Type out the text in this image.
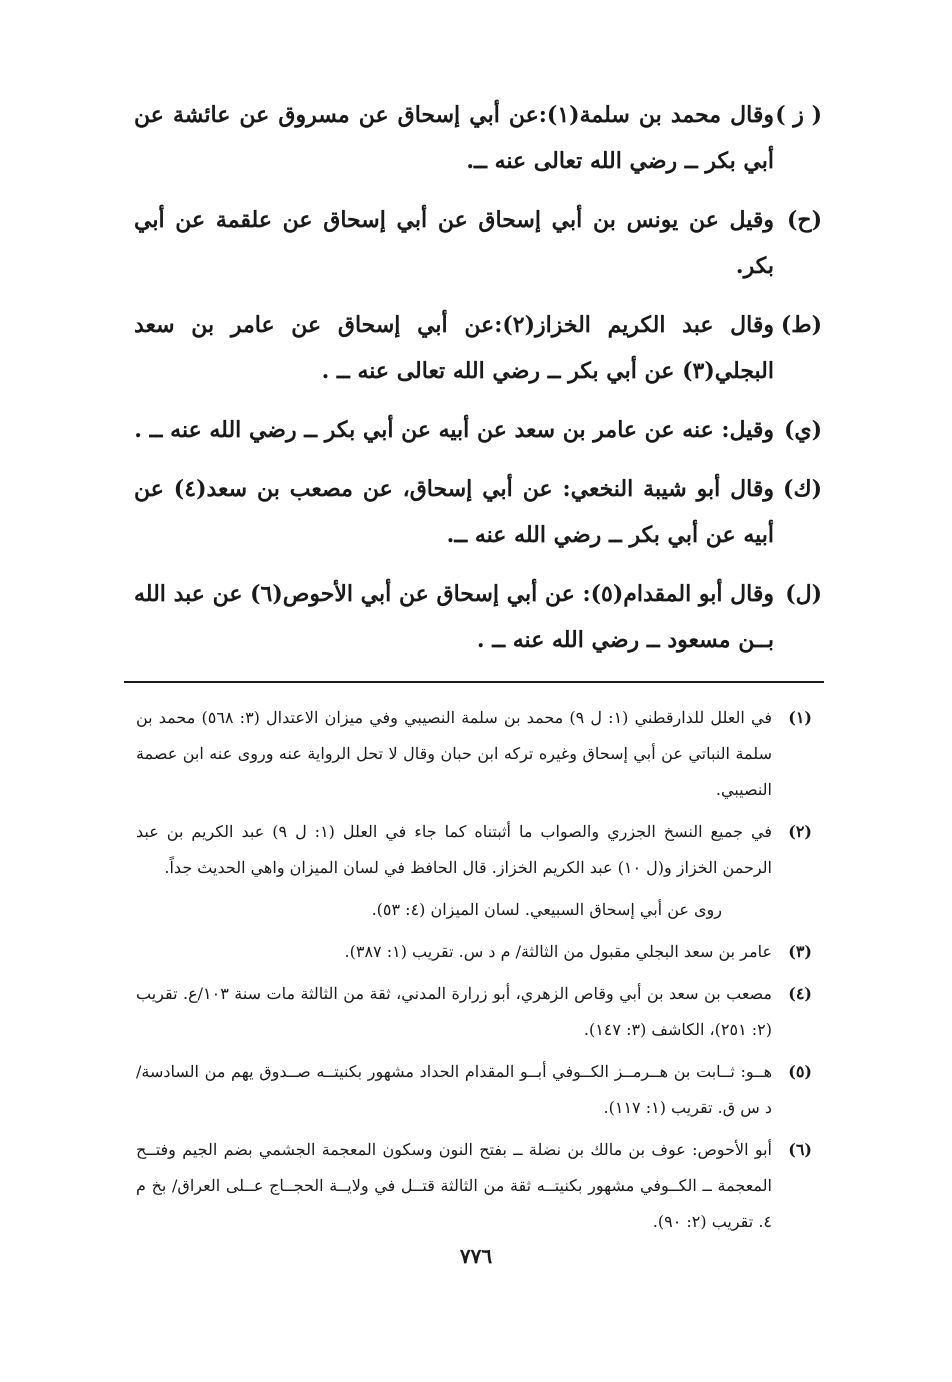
( ز )
وقال محمد بن سلمة(١):عن أبي إسحاق عن مسروق عن عائشة عن أبي بكر ــ رضي الله تعالى عنه ــ.
(ح)
وقيل عن يونس بن أبي إسحاق عن أبي إسحاق عن علقمة عن أبي بكر.
(ط)
وقال عبد الكريم الخزاز(٢):عن أبي إسحاق عن عامر بن سعد البجلي(٣) عن أبي بكر ــ رضي الله تعالى عنه ــ .
(ي)
وقيل: عنه عن عامر بن سعد عن أبيه عن أبي بكر ــ رضي الله عنه ــ .
(ك)
وقال أبو شيبة النخعي: عن أبي إسحاق، عن مصعب بن سعد(٤) عن أبيه عن أبي بكر ــ رضي الله عنه ــ.
(ل)
وقال أبو المقدام(٥): عن أبي إسحاق عن أبي الأحوص(٦) عن عبد الله بــن مسعود ــ رضي الله عنه ــ .
(١)
في العلل للدارقطني (١: ل ٩) محمد بن سلمة النصيبي وفي ميزان الاعتدال (٣: ٥٦٨) محمد بن سلمة النباتي عن أبي إسحاق وغيره تركه ابن حبان وقال لا تحل الرواية عنه وروى عنه ابن عصمة النصيبي.
(٢)
في جميع النسخ الجزري والصواب ما أثبتناه كما جاء في العلل (١: ل ٩) عبد الكريم بن عبد الرحمن الخزاز و(ل ١٠) عبد الكريم الخزاز. قال الحافظ في لسان الميزان واهي الحديث جداً.
روى عن أبي إسحاق السبيعي. لسان الميزان (٤: ٥٣).
(٣)
عامر بن سعد البجلي مقبول من الثالثة/ م د س. تقريب (١: ٣٨٧).
(٤)
مصعب بن سعد بن أبي وقاص الزهري، أبو زرارة المدني، ثقة من الثالثة مات سنة ١٠٣/ع. تقريب (٢: ٢٥١)، الكاشف (٣: ١٤٧).
(٥)
هــو: ثــابت بن هــرمــز الكــوفي أبــو المقدام الحداد مشهور بكنيتــه صــدوق يهم من السادسة/ د س ق. تقريب (١: ١١٧).
(٦)
أبو الأحوص: عوف بن مالك بن نضلة ــ بفتح النون وسكون المعجمة الجشمي بضم الجيم وفتــح المعجمة ــ الكــوفي مشهور بكنيتــه ثقة من الثالثة قتــل في ولايــة الحجــاج عــلى العراق/ بخ م ٤. تقريب (٢: ٩٠).
٧٧٦
